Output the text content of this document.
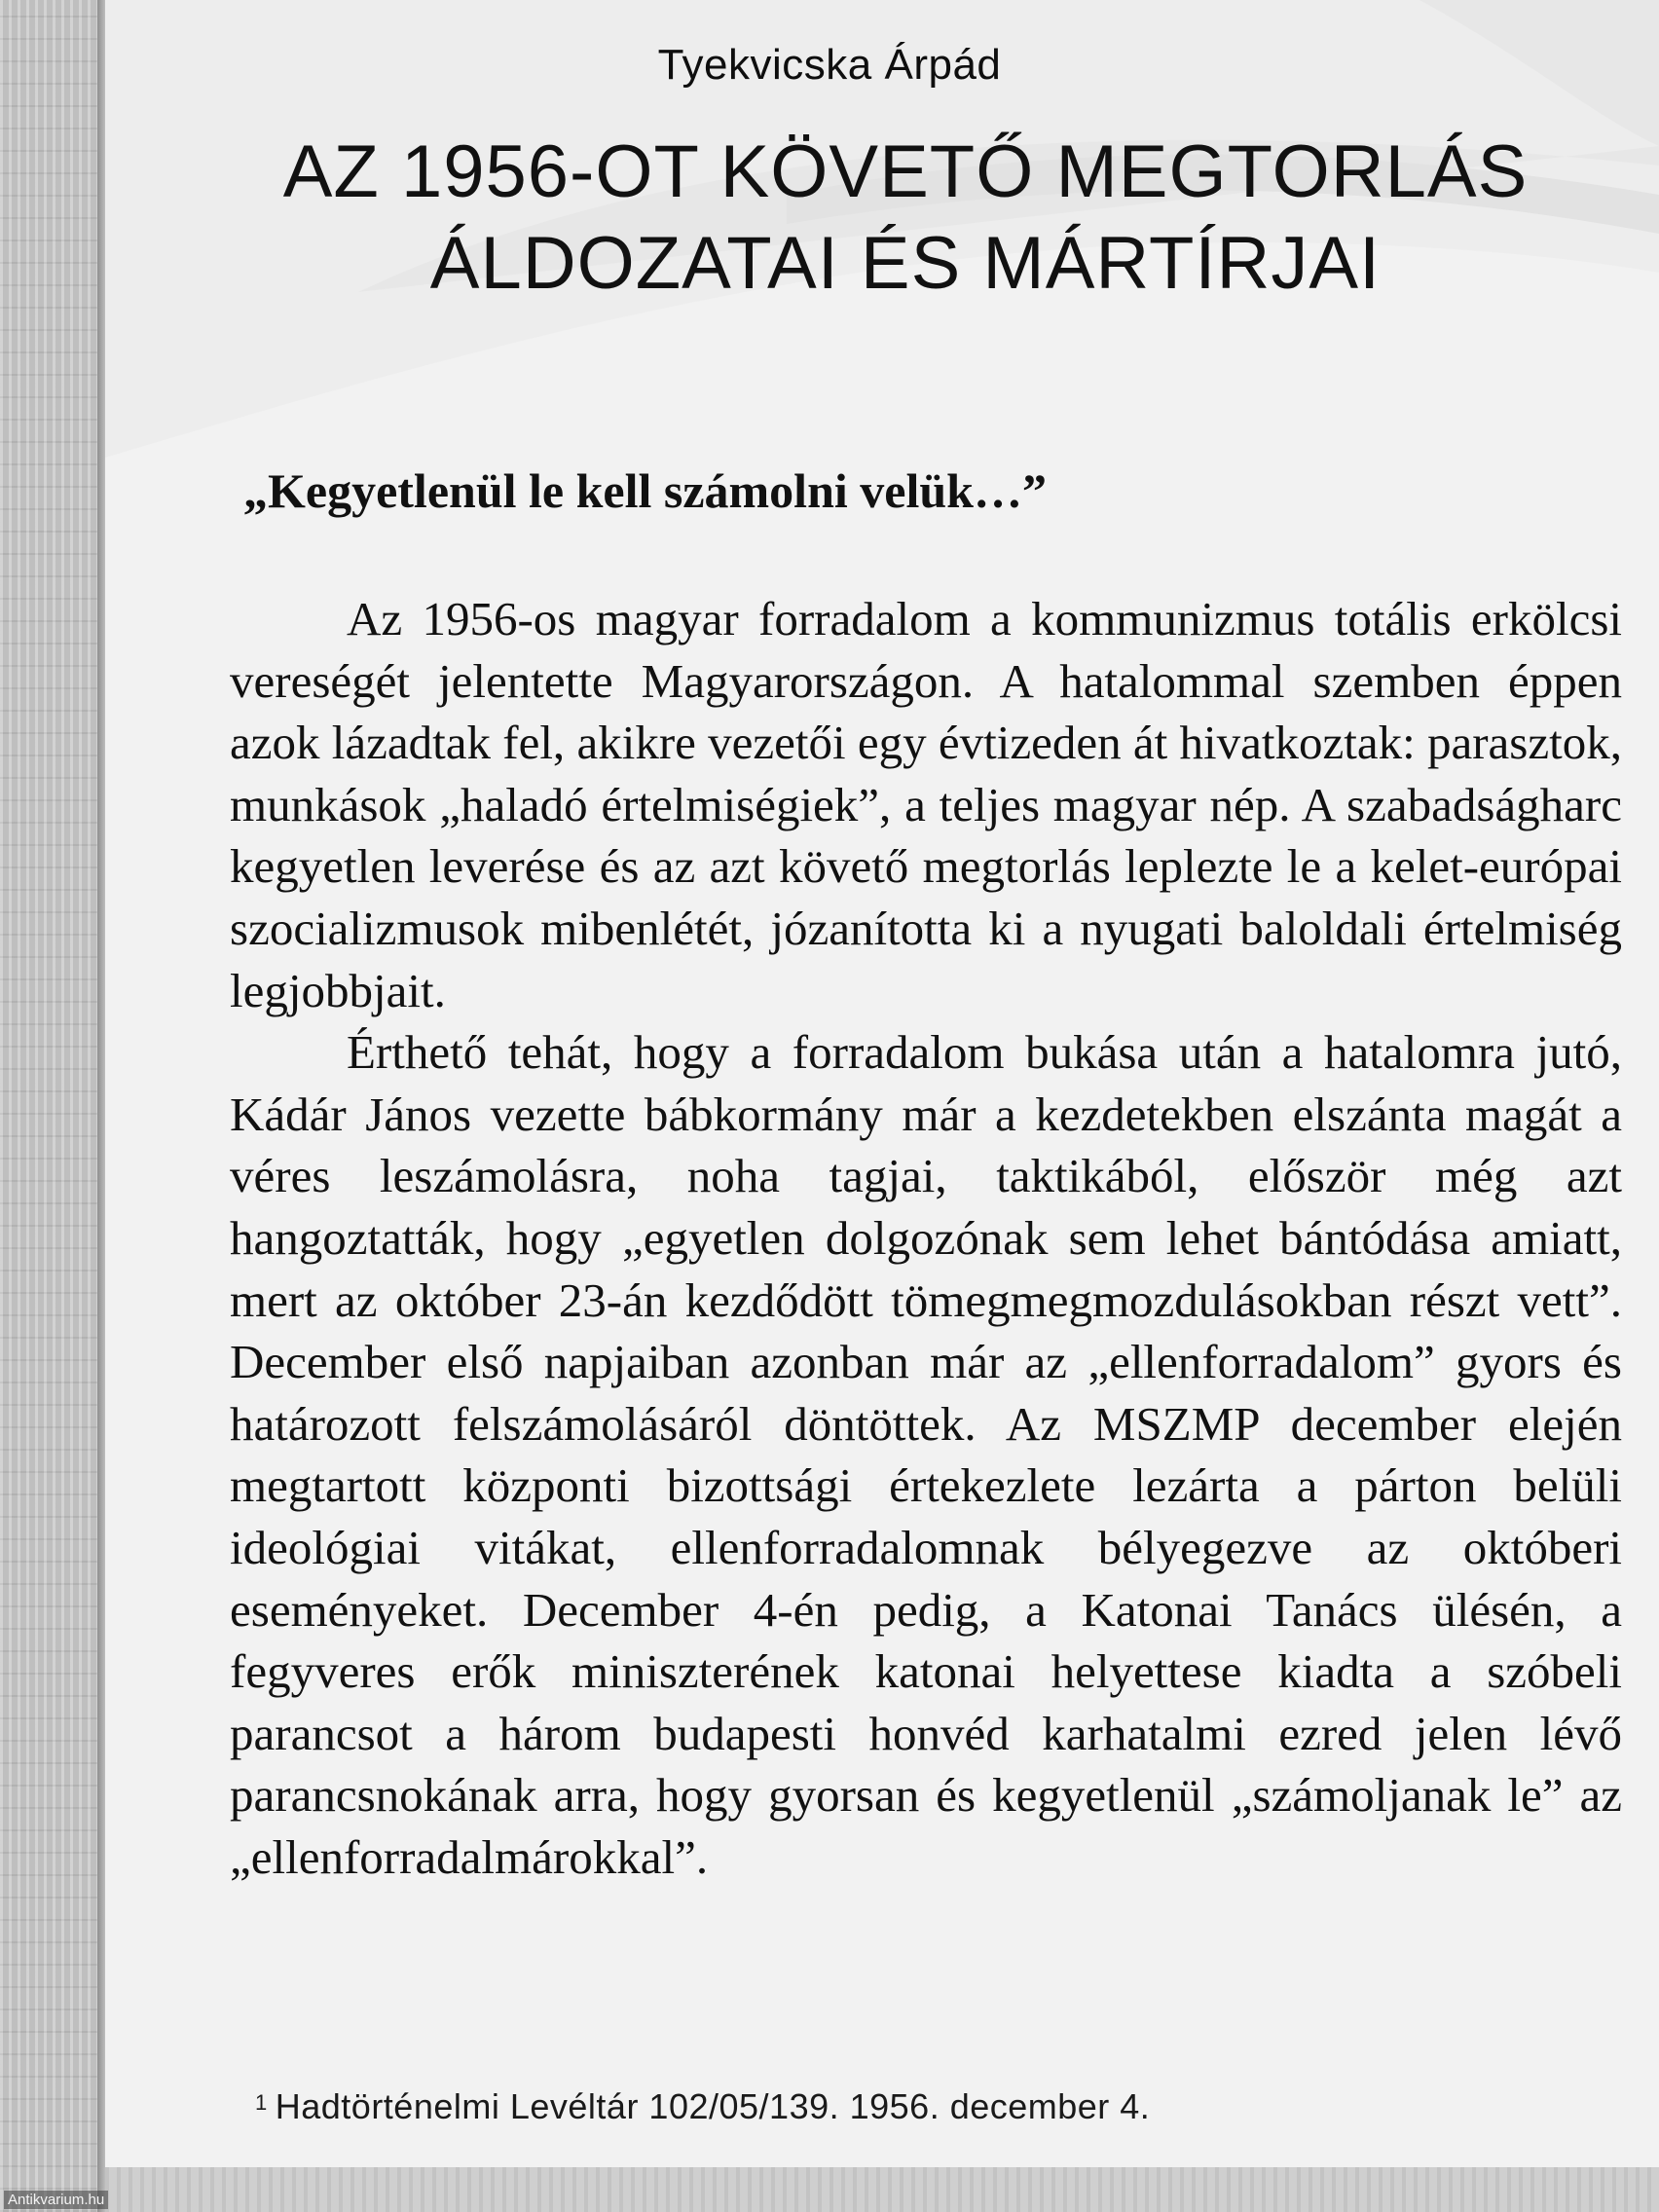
Tyekvicska Árpád
AZ 1956-OT KÖVETŐ MEGTORLÁS
ÁLDOZATAI ÉS MÁRTÍRJAI
„Kegyetlenül le kell számolni velük…”

Az 1956-os magyar forradalom a kommunizmus totális erkölcsi vereségét jelentette Magyarországon. A hatalommal szemben éppen azok lázadtak fel, akikre vezetői egy évtizeden át hivatkoztak: parasztok, munkások „haladó értelmiségiek”, a teljes magyar nép. A szabadságharc kegyetlen leverése és az azt követő megtorlás leplezte le a kelet-európai szocializmusok mibenlétét, józanította ki a nyugati baloldali értelmiség legjobbjait.

Érthető tehát, hogy a forradalom bukása után a hatalomra jutó, Kádár János vezette bábkormány már a kezdetekben elszánta magát a véres leszámolásra, noha tagjai, taktikából, először még azt hangoztatták, hogy „egyetlen dolgozónak sem lehet bántódása amiatt, mert az október 23-án kezdődött tömegmegmozdulásokban részt vett”. December első napjaiban azonban már az „ellenforradalom” gyors és határozott felszámolásáról döntöttek. Az MSZMP december elején megtartott központi bizottsági értekezlete lezárta a párton belüli ideológiai vitákat, ellenforradalomnak bélyegezve az októberi eseményeket. December 4-én pedig, a Katonai Tanács ülésén, a fegyveres erők miniszterének katonai helyettese kiadta a szóbeli parancsot a három budapesti honvéd karhatalmi ezred jelen lévő parancsnokának arra, hogy gyorsan és kegyetlenül „számoljanak le” az „ellenforradalmárokkal”.

$^1$ Hadtörténelmi Levéltár 102/05/139. 1956. december 4.
Antikvarium.hu
